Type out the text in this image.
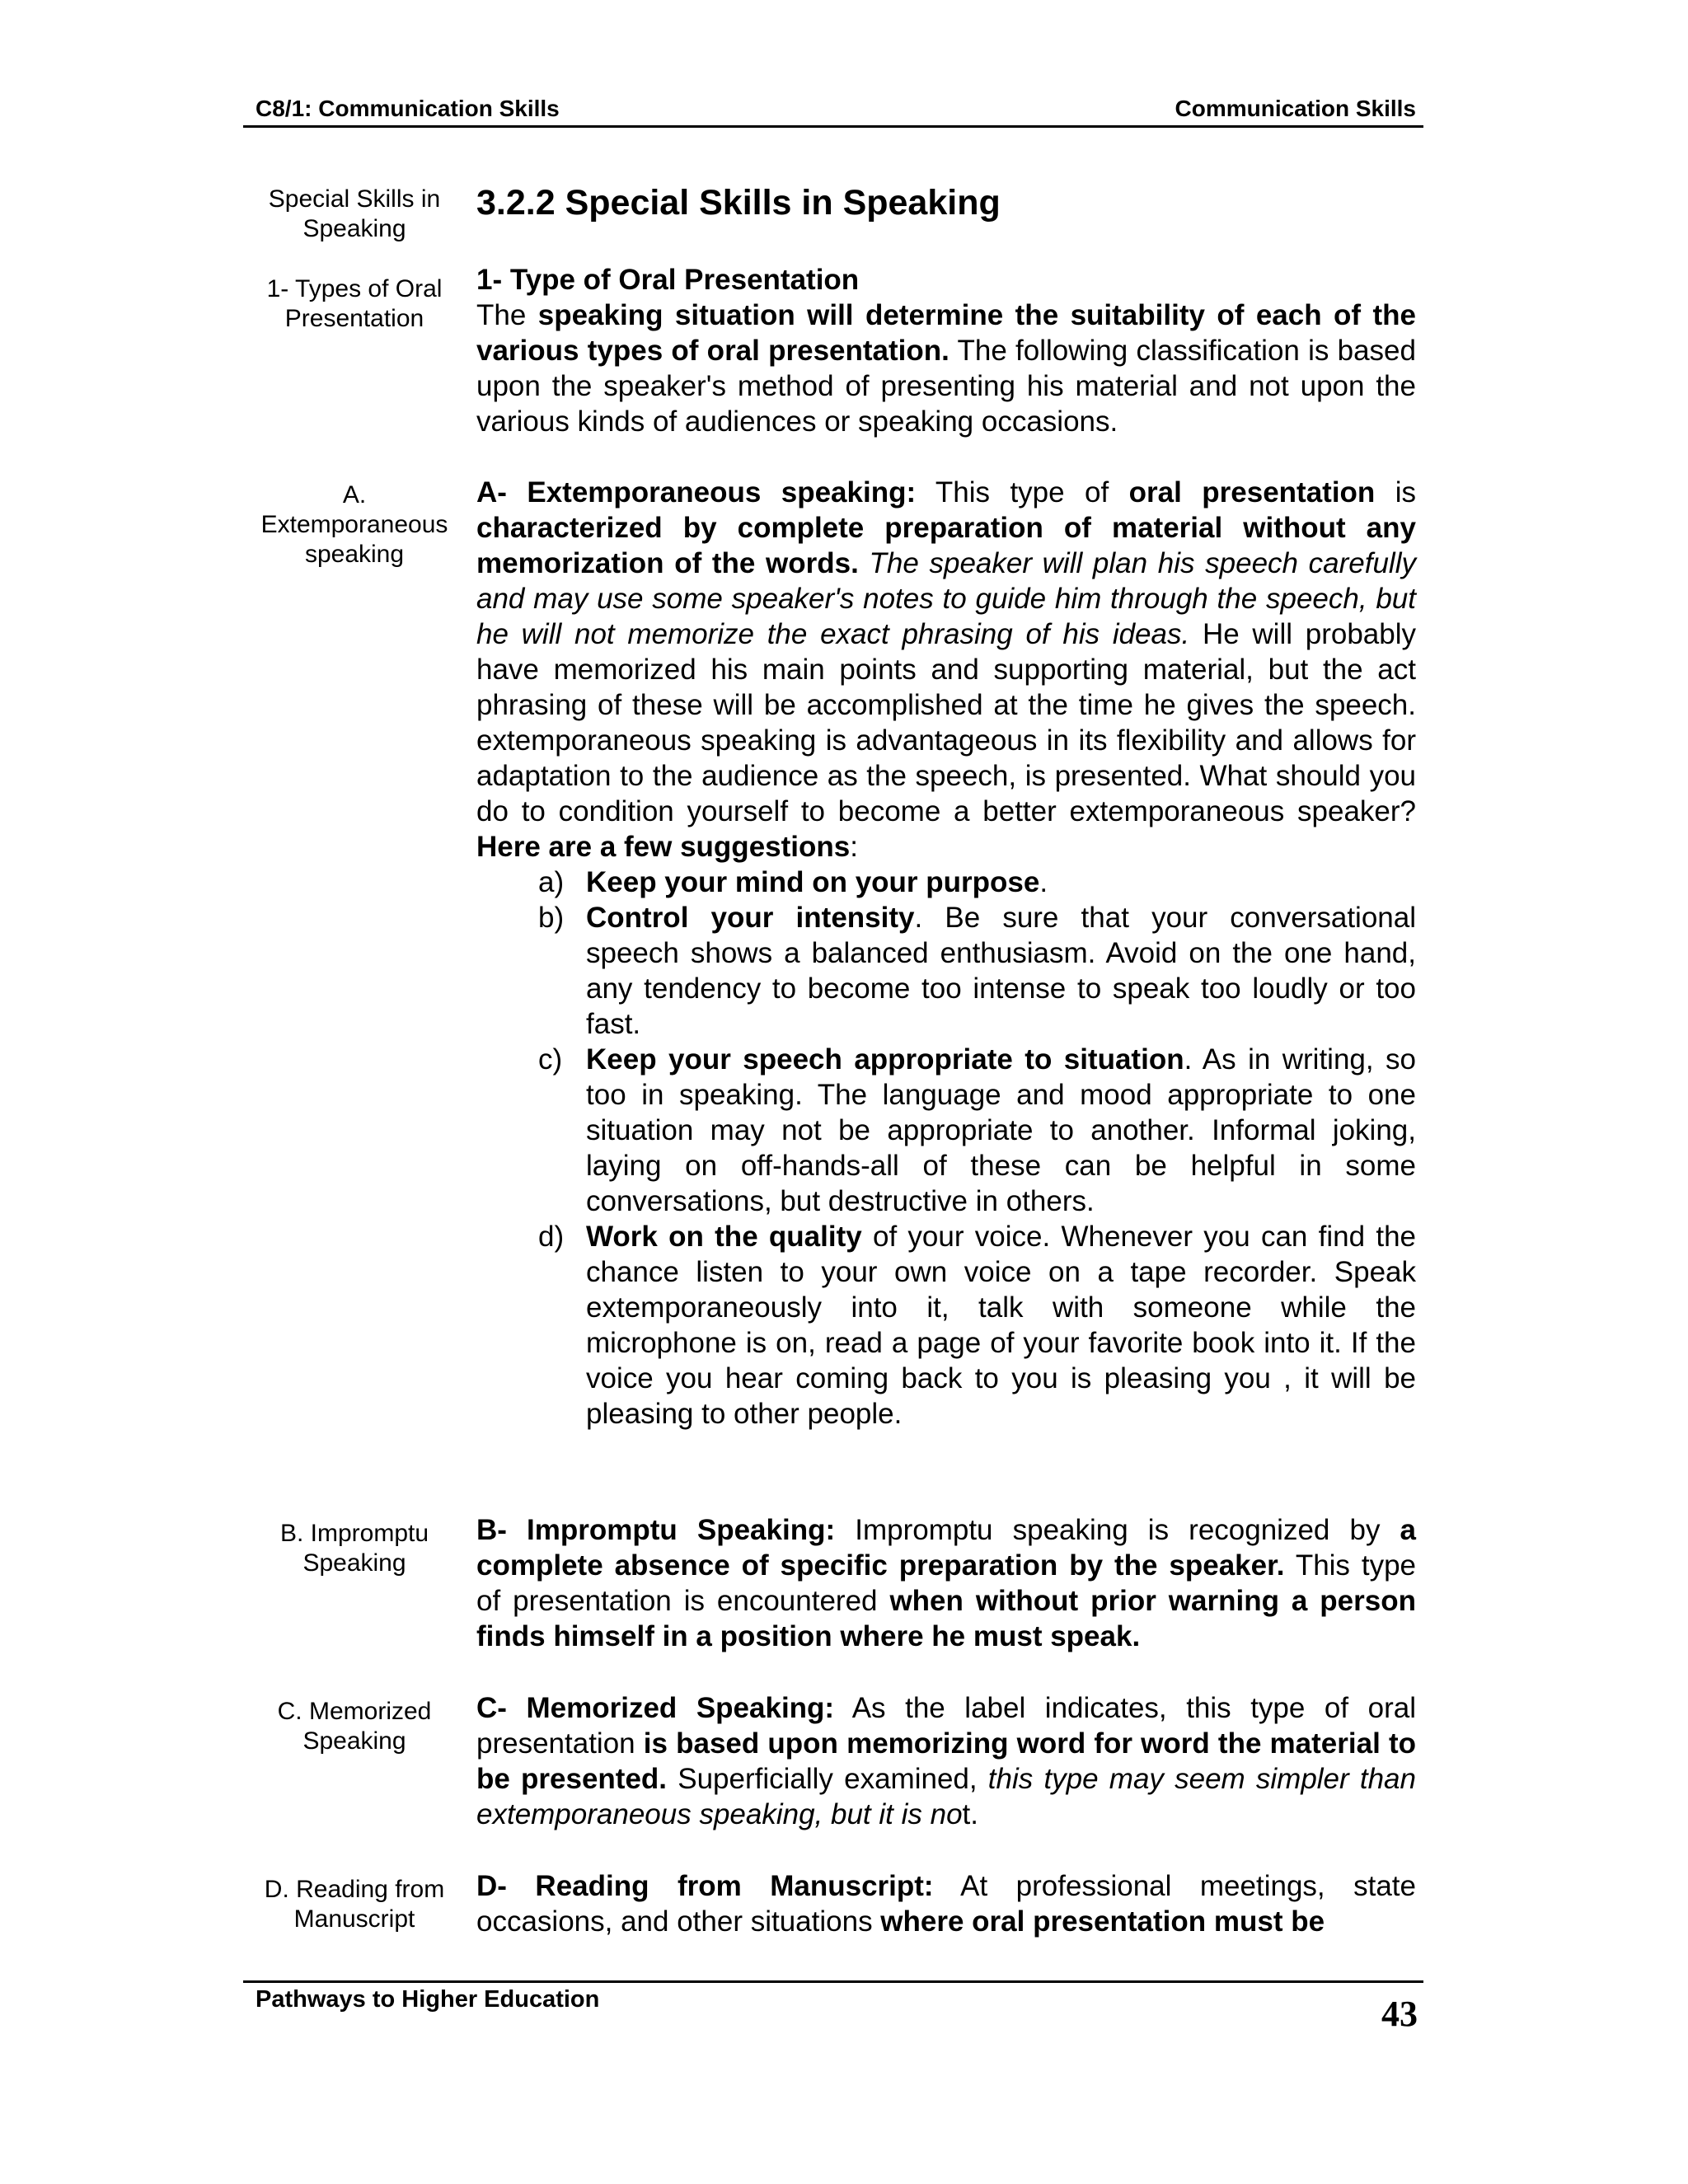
C8/1: Communication Skills	Communication Skills
Special Skills in Speaking
1- Types of Oral Presentation
A. Extemporaneous speaking
B. Impromptu Speaking
C. Memorized Speaking
D. Reading from Manuscript
3.2.2 Special Skills in Speaking
1- Type of Oral Presentation

The speaking situation will determine the suitability of each of the various types of oral presentation. The following classification is based upon the speaker's method of presenting his material and not upon the various kinds of audiences or speaking occasions.

A- Extemporaneous speaking: This type of oral presentation is characterized by complete preparation of material without any memorization of the words. The speaker will plan his speech carefully and may use some speaker's notes to guide him through the speech, but he will not memorize the exact phrasing of his ideas. He will probably have memorized his main points and supporting material, but the act phrasing of these will be accomplished at the time he gives the speech. extemporaneous speaking is advantageous in its flexibility and allows for adaptation to the audience as the speech, is presented. What should you do to condition yourself to become a better extemporaneous speaker? Here are a few suggestions:

a) Keep your mind on your purpose.
b) Control your intensity. Be sure that your conversational speech shows a balanced enthusiasm. Avoid on the one hand, any tendency to become too intense to speak too loudly or too fast.
c) Keep your speech appropriate to situation. As in writing, so too in speaking. The language and mood appropriate to one situation may not be appropriate to another. Informal joking, laying on off-hands-all of these can be helpful in some conversations, but destructive in others.
d) Work on the quality of your voice. Whenever you can find the chance listen to your own voice on a tape recorder. Speak extemporaneously into it, talk with someone while the microphone is on, read a page of your favorite book into it. If the voice you hear coming back to you is pleasing you , it will be pleasing to other people.

B- Impromptu Speaking: Impromptu speaking is recognized by a complete absence of specific preparation by the speaker. This type of presentation is encountered when without prior warning a person finds himself in a position where he must speak.

C- Memorized Speaking: As the label indicates, this type of oral presentation is based upon memorizing word for word the material to be presented. Superficially examined, this type may seem simpler than extemporaneous speaking, but it is not.

D- Reading from Manuscript: At professional meetings, state occasions, and other situations where oral presentation must be

Pathways to Higher Education	43
